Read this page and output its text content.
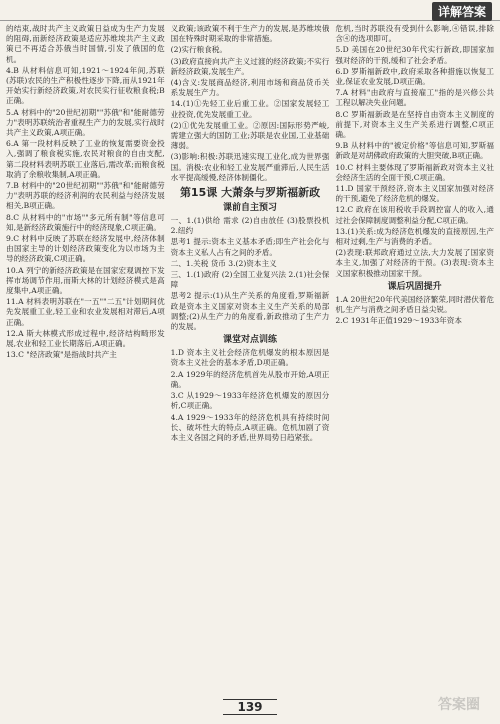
详解答案

的结束,战时共产主义政策日益成为生产力发展的阻碍,而新经济政策是适应苏维埃共产主义政策已不再适合苏俄当时国情,引发了俄国的危机。

4.B 从材料信息可知,1921～1924年间,苏联(苏联)农民的生产积极性逐步下降,而从1921年开始实行新经济政策,对农民实行征收粮食税;B正确。

5.A 材料中的"20世纪初期""苏俄"和"能耐德劳力"表明苏联统治者重视生产力的发展,实行战时共产主义政策,A项正确。

6.A 第一段材料反映了工业的恢复需要资金投入,强调了粮食税实施,农民对粮食的自由支配,第二段材料表明苏联工业落后,需改革;而粮食税取消了余粮收集制,A项正确。

7.B 材料中的"20世纪初期""苏俄"和"能耐德劳力"表明苏联的经济利润的农民利益与经济发展相关,B项正确。

8.C 从材料中的"市场""多元所有制"等信息可知,是新经济政策施行中的经济现象,C项正确。

9.C 材料中反映了苏联在经济发展中,经济体制由国家主导的计划经济政策变化为以市场为主导的经济政策,C项正确。

10.A 列宁的新经济政策是在国家宏观调控下发挥市场调节作用,而斯大林的计划经济模式是高度集中,A项正确。

11.A 材料表明苏联在"一五""二五"计划期间优先发展重工业,轻工业和农业发展相对滞后,A项正确。

12.A 斯大林模式形成过程中,经济结构畸形发展,农业和轻工业长期落后,A项正确。

13.C "经济政策"是指战时共产主

义政策;该政策不利于生产力的发展,是苏维埃俄国在特殊时期采取的非常措施。

(2)实行粮食税。

(3)政府直接向共产主义过渡的经济政策;不实行新经济政策,发展生产。

(4)含义:发展商品经济,利用市场和商品货币关系发展生产力。

14.(1)①先轻工业后重工业。②国家发展轻工业投资,优先发展重工业。

(2)①优先发展重工业。②原因:国际形势严峻,需建立强大的国防工业;苏联是农业国,工业基础薄弱。

(3)影响:积极:苏联迅速实现工业化,成为世界强国。消极:农业和轻工业发展严重滞后,人民生活水平提高缓慢,经济体制僵化。

第15课 大萧条与罗斯福新政
课前自主预习

一、1.(1)供给 需求 (2)自由放任 (3)股票投机 2.纽约

思考1 提示:资本主义基本矛盾;即生产社会化与资本主义私人占有之间的矛盾。

二、1.关税 货币 3.(2)资本主义

三、1.(1)政府 (2)全国工业复兴法 2.(1)社会保障

思考2 提示:(1)从生产关系的角度看,罗斯福新政是资本主义国家对资本主义生产关系的局部调整;(2)从生产力的角度看,新政推动了生产力的发展。

课堂对点训练

1.D 资本主义社会经济危机爆发的根本原因是资本主义社会的基本矛盾,D项正确。

2.A 1929年的经济危机首先从股市开始,A项正确。

3.C 从1929～1933年经济危机爆发的原因分析,C项正确。

4.A 1929～1933年的经济危机具有持续时间长、破坏性大的特点,A项正确。危机加剧了资本主义各国之间的矛盾,世界局势日趋紧张。

危机,当时苏联没有受到什么影响,④错误,排除含④的选项即可。

5.D 美国在20世纪30年代实行新政,即国家加强对经济的干预,缓和了社会矛盾。

6.D 罗斯福新政中,政府采取各种措施以恢复工业,保证农业发展,D项正确。

7.A 材料"由政府与直接雇工"指的是兴修公共工程以解决失业问题。

8.C 罗斯福新政是在坚持自由资本主义制度的前提下,对资本主义生产关系进行调整,C项正确。

9.B 从材料中的"被定价格"等信息可知,罗斯福新政是对胡佛政府政策的大胆突破,B项正确。

10.C 材料主要体现了罗斯福新政对资本主义社会经济生活的全面干预,C项正确。

11.D 国家干预经济,资本主义国家加强对经济的干预,避免了经济危机的爆发。

12.C 政府在该用税收手段调控富人的收入,通过社会保障制度调整利益分配,C项正确。

13.(1)关系:成为经济危机爆发的直接原因,生产相对过剩,生产与消费的矛盾。

(2)表现:联邦政府通过立法,大力发展了国家资本主义,加强了对经济的干预。(3)表现:资本主义国家积极推动国家干预。

课后巩固提升

1.A 20世纪20年代美国经济繁荣,同时潜伏着危机,生产与消费之间矛盾日益尖锐。

2.C 1931年正值1929～1933年资本

139	答案圈
